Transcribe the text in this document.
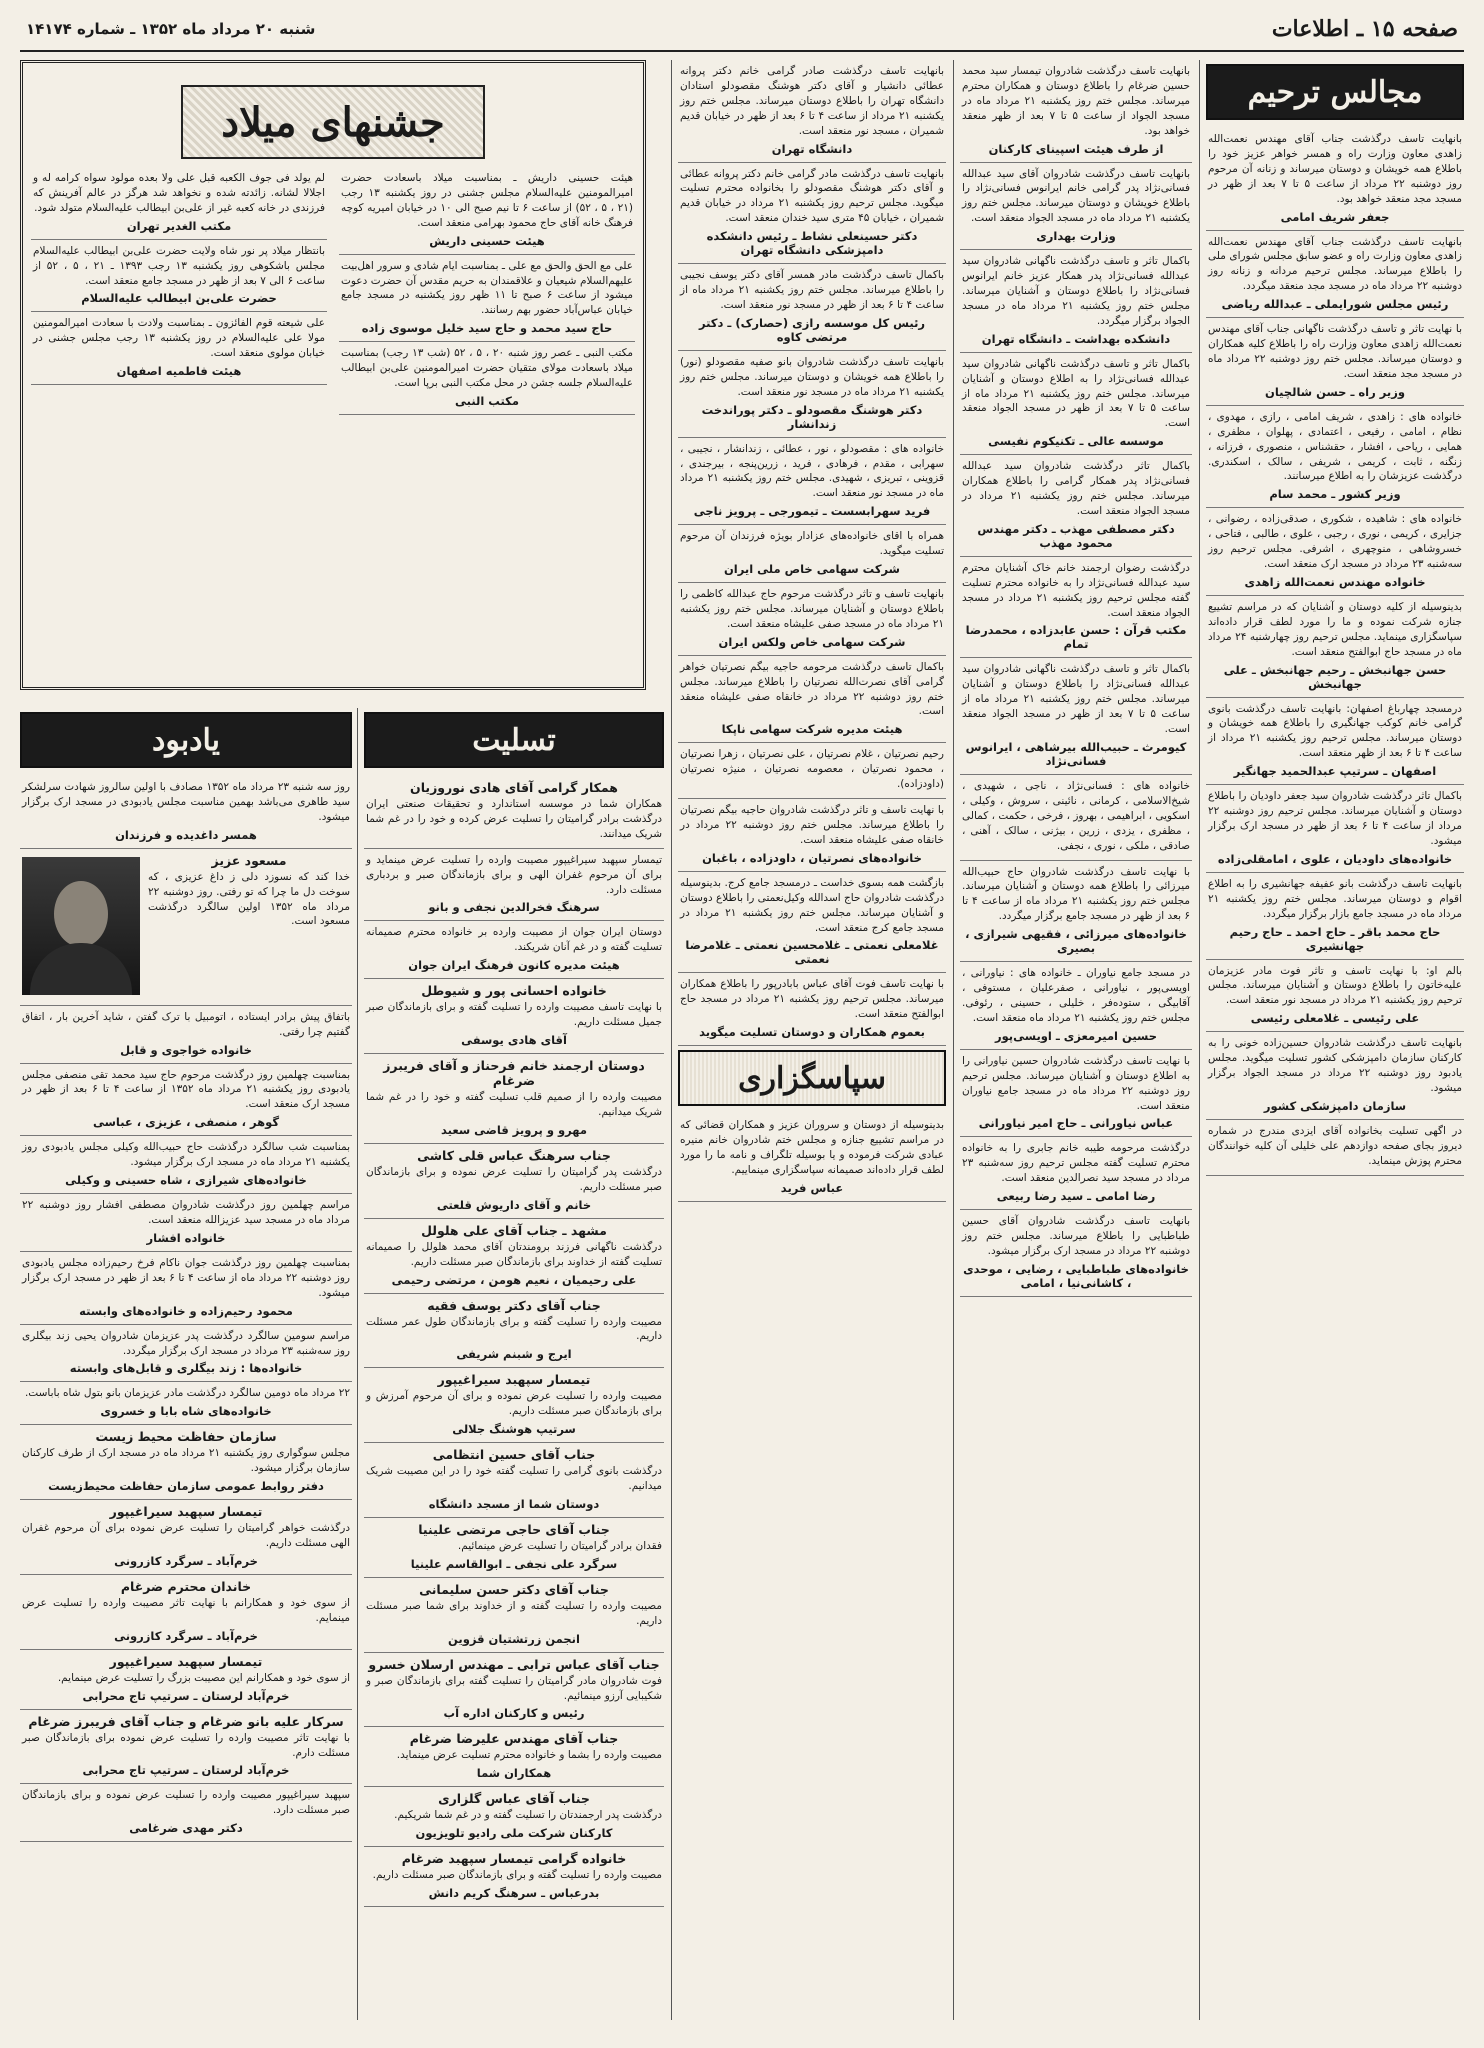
صفحه ۱۵ ـ اطلاعات
شنبه ۲۰ مرداد ماه ۱۳۵۲ ـ شماره ۱۴۱۷۴
مجالس ترحیم

بانهایت تاسف درگذشت جناب آقای مهندس نعمت‌الله زاهدی معاون وزارت راه و همسر خواهر عزیز خود را باطلاع همه خویشان و دوستان میرساند و زنانه آن مرحوم روز دوشنبه ۲۲ مرداد از ساعت ۵ تا ۷ بعد از ظهر در مسجد مجد منعقد خواهد بود.

جعفر شریف امامی

بانهایت تاسف درگذشت جناب آقای مهندس نعمت‌الله زاهدی معاون وزارت راه و عضو سابق مجلس شورای ملی را باطلاع میرساند. مجلس ترحیم مردانه و زنانه روز دوشنبه ۲۲ مرداد ماه در مسجد مجد منعقد میگردد.

رئیس مجلس شورایملی ـ عبدالله ریاضی

با نهایت تاثر و تاسف درگذشت ناگهانی جناب آقای مهندس نعمت‌الله زاهدی معاون وزارت راه را باطلاع کلیه همکاران و دوستان میرساند. مجلس ختم روز دوشنبه ۲۲ مرداد ماه در مسجد مجد منعقد است.

وزیر راه ـ حسن شالچیان

خانواده های : زاهدی ، شریف امامی ، رازی ، مهدوی ، نظام ، امامی ، رفیعی ، اعتمادی ، پهلوان ، مظفری ، همایی ، ریاحی ، افشار ، حقشناس ، منصوری ، فرزانه ، زنگنه ، ثابت ، کریمی ، شریفی ، سالک ، اسکندری. درگذشت عزیزشان را به اطلاع میرسانند.

وزیر کشور ـ محمد سام

خانواده های : شاهیده ، شکوری ، صدقی‌زاده ، رضوانی ، جزایری ، کریمی ، نوری ، رجبی ، علوی ، طالبی ، فتاحی ، خسروشاهی ، منوچهری ، اشرفی. مجلس ترحیم روز سه‌شنبه ۲۳ مرداد در مسجد ارک منعقد است.

خانواده مهندس نعمت‌الله زاهدی

بدینوسیله از کلیه دوستان و آشنایان که در مراسم تشییع جنازه شرکت نموده و ما را مورد لطف قرار داده‌اند سپاسگزاری مینماید. مجلس ترحیم روز چهارشنبه ۲۴ مرداد ماه در مسجد حاج ابوالفتح منعقد است.

حسن جهانبخش ـ رحیم جهانبخش ـ علی جهانبخش

درمسجد چهارباغ اصفهان: بانهایت تاسف درگذشت بانوی گرامی خانم کوکب جهانگیری را باطلاع همه خویشان و دوستان میرساند. مجلس ترحیم روز یکشنبه ۲۱ مرداد از ساعت ۴ تا ۶ بعد از ظهر منعقد است.

اصفهان ـ سرتیپ عبدالحمید جهانگیر

باکمال تاثر درگذشت شادروان سید جعفر داودیان را باطلاع دوستان و آشنایان میرساند. مجلس ترحیم روز دوشنبه ۲۲ مرداد از ساعت ۴ تا ۶ بعد از ظهر در مسجد ارک برگزار میشود.

خانواده‌های داودیان ، علوی ، امامقلی‌زاده

بانهایت تاسف درگذشت بانو عفیفه جهانشیری را به اطلاع اقوام و دوستان میرساند. مجلس ختم روز یکشنبه ۲۱ مرداد ماه در مسجد جامع بازار برگزار میگردد.

حاج محمد باقر ـ حاج احمد ـ حاج رحیم جهانشیری

بالم او: با نهایت تاسف و تاثر فوت مادر عزیزمان علیه‌خاتون را باطلاع دوستان و آشنایان میرساند. مجلس ترحیم روز یکشنبه ۲۱ مرداد در مسجد نور منعقد است.

علی رئیسی ـ غلامعلی رئیسی

بانهایت تاسف درگذشت شادروان حسین‌زاده خونی را به کارکنان سازمان دامپزشکی کشور تسلیت میگوید. مجلس یادبود روز دوشنبه ۲۲ مرداد در مسجد الجواد برگزار میشود.

سازمان دامپزشکی کشور

در اگهی تسلیت بخانواده آقای ایزدی مندرج در شماره دیروز بجای صفحه دوازدهم علی خلیلی آن کلیه خوانندگان محترم پوزش مینماید.

بانهایت تاسف درگذشت شادروان تیمسار سید محمد حسین ضرغام را باطلاع دوستان و همکاران محترم میرساند. مجلس ختم روز یکشنبه ۲۱ مرداد ماه در مسجد الجواد از ساعت ۵ تا ۷ بعد از ظهر منعقد خواهد بود.

از طرف هیئت اسپینای کارکنان

بانهایت تاسف درگذشت شادروان آقای سید عبدالله فسانی‌نژاد پدر گرامی خانم ایرانوس فسانی‌نژاد را باطلاع خویشان و دوستان میرساند. مجلس ختم روز یکشنبه ۲۱ مرداد ماه در مسجد الجواد منعقد است.

وزارت بهداری

باکمال تاثر و تاسف درگذشت ناگهانی شادروان سید عبدالله فسانی‌نژاد پدر همکار عزیز خانم ایرانوس فسانی‌نژاد را باطلاع دوستان و آشنایان میرساند. مجلس ختم روز یکشنبه ۲۱ مرداد ماه در مسجد الجواد برگزار میگردد.

دانشکده بهداشت ـ دانشگاه تهران

باکمال تاثر و تاسف درگذشت ناگهانی شادروان سید عبدالله فسانی‌نژاد را به اطلاع دوستان و آشنایان میرساند. مجلس ختم روز یکشنبه ۲۱ مرداد ماه از ساعت ۵ تا ۷ بعد از ظهر در مسجد الجواد منعقد است.

موسسه عالی ـ تکنیکوم نفیسی

باکمال تاثر درگذشت شادروان سید عبدالله فسانی‌نژاد پدر همکار گرامی را باطلاع همکاران میرساند. مجلس ختم روز یکشنبه ۲۱ مرداد در مسجد الجواد منعقد است.

دکتر مصطفی مهذب ـ دکتر مهندس محمود مهذب

درگذشت رضوان ارجمند خانم خاک آشنایان محترم سید عبدالله فسانی‌نژاد را به خانواده محترم تسلیت گفته مجلس ترحیم روز یکشنبه ۲۱ مرداد در مسجد الجواد منعقد است.

مکتب قرآن : حسن عابدزاده ، محمدرضا تمام

باکمال تاثر و تاسف درگذشت ناگهانی شادروان سید عبدالله فسانی‌نژاد را باطلاع دوستان و آشنایان میرساند. مجلس ختم روز یکشنبه ۲۱ مرداد ماه از ساعت ۵ تا ۷ بعد از ظهر در مسجد الجواد منعقد است.

کیومرث ـ حبیب‌الله بیرشاهی ، ایرانوس فسانی‌نژاد

خانواده های : فسانی‌نژاد ، ناجی ، شهیدی ، شیخ‌الاسلامی ، کرمانی ، نائینی ، سروش ، وکیلی ، اسکویی ، ابراهیمی ، بهروز ، فرخی ، حکمت ، کمالی ، مظفری ، یزدی ، زرین ، بیژنی ، سالک ، آهنی ، صادقی ، ملکی ، نوری ، نجفی.

با نهایت تاسف درگذشت شادروان حاج حبیب‌الله میرزائی را باطلاع همه دوستان و آشنایان میرساند. مجلس ختم روز یکشنبه ۲۱ مرداد ماه از ساعت ۴ تا ۶ بعد از ظهر در مسجد جامع برگزار میگردد.

خانواده‌های میرزائی ، فقیهی شیرازی ، بصیری

در مسجد جامع نیاوران ـ خانواده های : نیاورانی ، اویسی‌پور ، نیاورانی ، صفرعلیان ، مستوفی ، آقابیگی ، ستوده‌فر ، خلیلی ، حسینی ، رئوفی. مجلس ختم روز یکشنبه ۲۱ مرداد ماه منعقد است.

حسین امیرمعزی ـ اویسی‌پور

با نهایت تاسف درگذشت شادروان حسین نیاورانی را به اطلاع دوستان و آشنایان میرساند. مجلس ترحیم روز دوشنبه ۲۲ مرداد ماه در مسجد جامع نیاوران منعقد است.

عباس نیاورانی ـ حاج امیر نیاورانی

درگذشت مرحومه طیبه خانم جابری را به خانواده محترم تسلیت گفته مجلس ترحیم روز سه‌شنبه ۲۳ مرداد در مسجد سید نصرالدین منعقد است.

رضا امامی ـ سید رضا ربیعی

بانهایت تاسف درگذشت شادروان آقای حسین طباطبایی را باطلاع میرساند. مجلس ختم روز دوشنبه ۲۲ مرداد در مسجد ارک برگزار میشود.

خانواده‌های طباطبایی ، رضایی ، موحدی ، کاشانی‌نیا ، امامی

بانهایت تاسف درگذشت صادر گرامی خانم دکتر پروانه عطائی دانشیار و آقای دکتر هوشنگ مقصودلو استادان دانشگاه تهران را باطلاع دوستان میرساند. مجلس ختم روز یکشنبه ۲۱ مرداد از ساعت ۴ تا ۶ بعد از ظهر در خیابان قدیم شمیران ، مسجد نور منعقد است.

دانشگاه تهران

بانهایت تاسف درگذشت مادر گرامی خانم دکتر پروانه عطائی و آقای دکتر هوشنگ مقصودلو را بخانواده محترم تسلیت میگوید. مجلس ترحیم روز یکشنبه ۲۱ مرداد در خیابان قدیم شمیران ، خیابان ۴۵ متری سید خندان منعقد است.

دکتر حسینعلی نشاط ـ رئیس دانشکده دامپزشکی دانشگاه تهران

باکمال تاسف درگذشت مادر همسر آقای دکتر یوسف نجیبی را باطلاع میرساند. مجلس ختم روز یکشنبه ۲۱ مرداد ماه از ساعت ۴ تا ۶ بعد از ظهر در مسجد نور منعقد است.

رئیس کل موسسه رازی (حصارک) ـ دکتر مرتضی کاوه

بانهایت تاسف درگذشت شادروان بانو صفیه مقصودلو (نور) را باطلاع همه خویشان و دوستان میرساند. مجلس ختم روز یکشنبه ۲۱ مرداد ماه در مسجد نور منعقد است.

دکتر هوشنگ مقصودلو ـ دکتر پوراندخت زندانشار

خانواده های : مقصودلو ، نور ، عطائی ، زندانشار ، نجیبی ، سهرابی ، مقدم ، فرهادی ، فرید ، زرین‌پنجه ، بیرجندی ، قزوینی ، تبریزی ، شهیدی. مجلس ختم روز یکشنبه ۲۱ مرداد ماه در مسجد نور منعقد است.

فرید سهرابسست ـ تیمورجی ـ پرویز ناجی

همراه با اقای خانواده‌های عزادار بویژه فرزندان آن مرحوم تسلیت میگوید.

شرکت سهامی خاص ملی ایران

بانهایت تاسف و تاثر درگذشت مرحوم حاج عبدالله کاظمی را باطلاع دوستان و آشنایان میرساند. مجلس ختم روز یکشنبه ۲۱ مرداد ماه در مسجد صفی علیشاه منعقد است.

شرکت سهامی خاص ولکس ایران

باکمال تاسف درگذشت مرحومه حاجیه بیگم نصرتیان خواهر گرامی آقای نصرت‌الله نصرتیان را باطلاع میرساند. مجلس ختم روز دوشنبه ۲۲ مرداد در خانقاه صفی علیشاه منعقد است.

هیئت مدیره شرکت سهامی ناپکا

رحیم نصرتیان ، غلام نصرتیان ، علی نصرتیان ، زهرا نصرتیان ، محمود نصرتیان ، معصومه نصرتیان ، منیژه نصرتیان (داودزاده).

با نهایت تاسف و تاثر درگذشت شادروان حاجیه بیگم نصرتیان را باطلاع میرساند. مجلس ختم روز دوشنبه ۲۲ مرداد در خانقاه صفی علیشاه منعقد است.

خانواده‌های نصرتیان ، داودزاده ، باغبان

بازگشت همه بسوی خداست ـ درمسجد جامع کرج. بدینوسیله درگذشت شادروان حاج اسدالله وکیل‌نعمتی را باطلاع دوستان و آشنایان میرساند. مجلس ختم روز یکشنبه ۲۱ مرداد در مسجد جامع کرج منعقد است.

غلامعلی نعمتی ـ غلامحسین نعمتی ـ غلامرضا نعمتی

با نهایت تاسف فوت آقای عباس بابادرپور را باطلاع همکاران میرساند. مجلس ترحیم روز یکشنبه ۲۱ مرداد در مسجد حاج ابوالفتح منعقد است.

بعموم همکاران و دوستان تسلیت میگوید
سپاسگزاری

بدینوسیله از دوستان و سروران عزیز و همکاران قضائی که در مراسم تشییع جنازه و مجلس ختم شادروان خانم منیره عبادی شرکت فرموده و یا بوسیله تلگراف و نامه ما را مورد لطف قرار داده‌اند صمیمانه سپاسگزاری مینماییم.

عباس فرید
جشنهای میلاد

هیئت حسینی داریش ـ بمناسبت میلاد باسعادت حضرت امیرالمومنین علیه‌السلام مجلس جشنی در روز یکشنبه ۱۳ رجب (۲۱ ، ۵ ، ۵۲) از ساعت ۶ تا نیم صبح الی ۱۰ در خیابان امیریه کوچه فرهنگ خانه آقای حاج محمود بهرامی منعقد است.

هیئت حسینی داریش

علی مع الحق والحق مع علی ـ بمناسبت ایام شادی و سرور اهل‌بیت علیهم‌السلام شیعیان و علاقمندان به حریم مقدس آن حضرت دعوت میشود از ساعت ۶ صبح تا ۱۱ ظهر روز یکشنبه در مسجد جامع خیابان عباس‌آباد حضور بهم رسانند.

حاج سید محمد و حاج سید خلیل موسوی زاده

مکتب النبی ـ عصر روز شنبه ۲۰ ، ۵ ، ۵۲ (شب ۱۳ رجب) بمناسبت میلاد باسعادت مولای متقیان حضرت امیرالمومنین علی‌بن ابیطالب علیه‌السلام جلسه جشن در محل مکتب النبی برپا است.

مکتب النبی

لم یولد فی جوف الکعبه قبل علی ولا بعده مولود سواه کرامه له و اجلالا لشانه. زائدته شده و نخواهد شد هرگز در عالم آفرینش که فرزندی در خانه کعبه غیر از علی‌بن ابیطالب علیه‌السلام متولد شود.

مکتب الغدیر تهران

بانتظار میلاد پر نور شاه ولایت حضرت علی‌بن ابیطالب علیه‌السلام مجلس باشکوهی روز یکشنبه ۱۳ رجب ۱۳۹۳ ـ ۲۱ ، ۵ ، ۵۲ از ساعت ۶ الی ۷ بعد از ظهر در مسجد جامع منعقد است.

حضرت علی‌بن ابیطالب علیه‌السلام

علی شیعته قوم الفائزون ـ بمناسبت ولادت با سعادت امیرالمومنین مولا علی علیه‌السلام در روز یکشنبه ۱۳ رجب مجلس جشنی در خیابان مولوی منعقد است.

هیئت فاطمیه اصفهان
تسلیت
همکار گرامی آقای هادی نوروزیان

همکاران شما در موسسه استاندارد و تحقیقات صنعتی ایران درگذشت برادر گرامیتان را تسلیت عرض کرده و خود را در غم شما شریک میدانند.

تیمسار سپهبد سیراغیپور مصیبت وارده را تسلیت عرض مینماید و برای آن مرحوم غفران الهی و برای بازماندگان صبر و بردباری مسئلت دارد.

سرهنگ فخرالدین نجفی و بانو

دوستان ایران جوان از مصیبت وارده بر خانواده محترم صمیمانه تسلیت گفته و در غم آنان شریکند.

هیئت مدیره کانون فرهنگ ایران جوان
خانواده احسانی پور و شیوطل

با نهایت تاسف مصیبت وارده را تسلیت گفته و برای بازماندگان صبر جمیل مسئلت داریم.

آقای هادی یوسفی
دوستان ارجمند خانم فرحناز و آقای فریبرز ضرغام

مصیبت وارده را از صمیم قلب تسلیت گفته و خود را در غم شما شریک میدانیم.

مهرو و پرویز قاضی سعید
جناب سرهنگ عباس قلی کاشی

درگذشت پدر گرامیتان را تسلیت عرض نموده و برای بازماندگان صبر مسئلت داریم.

خانم و آقای داریوش قلعتی
مشهد ـ جناب آقای علی هلولل

درگذشت ناگهانی فرزند برومندتان آقای محمد هلولل را صمیمانه تسلیت گفته از خداوند برای بازماندگان صبر مسئلت داریم.

علی رحیمیان ، نعیم هومن ، مرتضی رحیمی
جناب آقای دکتر یوسف فقیه

مصیبت وارده را تسلیت گفته و برای بازماندگان طول عمر مسئلت داریم.

ایرج و شبنم شریفی
تیمسار سپهبد سیراغیپور

مصیبت وارده را تسلیت عرض نموده و برای آن مرحوم آمرزش و برای بازماندگان صبر مسئلت داریم.

سرتیپ هوشنگ جلالی
جناب آقای حسین انتظامی

درگذشت بانوی گرامی را تسلیت گفته خود را در این مصیبت شریک میدانیم.

دوستان شما از مسجد دانشگاه
جناب آقای حاجی مرتضی علینیا

فقدان برادر گرامیتان را تسلیت عرض مینمائیم.

سرگرد علی نجفی ـ ابوالقاسم علینیا
جناب آقای دکتر حسن سلیمانی

مصیبت وارده را تسلیت گفته و از خداوند برای شما صبر مسئلت داریم.

انجمن زرتشتیان قزوین
جناب آقای عباس ترابی ـ مهندس ارسلان خسرو

فوت شادروان مادر گرامیتان را تسلیت گفته برای بازماندگان صبر و شکیبایی آرزو مینمائیم.

رئیس و کارکنان اداره آب
جناب آقای مهندس علیرضا ضرغام

مصیبت وارده را بشما و خانواده محترم تسلیت عرض مینماید.

همکاران شما
جناب آقای عباس گلزاری

درگذشت پدر ارجمندتان را تسلیت گفته و در غم شما شریکیم.

کارکنان شرکت ملی رادیو تلویزیون
خانواده گرامی تیمسار سپهبد ضرغام

مصیبت وارده را تسلیت گفته و برای بازماندگان صبر مسئلت داریم.

بدرعباس ـ سرهنگ کریم دانش
یادبود

روز سه شنبه ۲۳ مرداد ماه ۱۳۵۲ مصادف با اولین سالروز شهادت سرلشکر سید طاهری می‌باشد بهمین مناسبت مجلس یادبودی در مسجد ارک برگزار میشود.

همسر داغدیده و فرزندان
مسعود عزیز

خدا کند که نسوزد دلی ز داغ عزیزی ، که سوخت دل ما چرا که تو رفتی. روز دوشنبه ۲۲ مرداد ماه ۱۳۵۲ اولین سالگرد درگذشت مسعود است.

باتفاق پیش برادر ایستاده ، اتومبیل با ترک گفتن ، شاید آخرین بار ، اتفاق گفتیم چرا رفتی.

خانواده خواجوی و قابل

بمناسبت چهلمین روز درگذشت مرحوم حاج سید محمد تقی منصفی مجلس یادبودی روز یکشنبه ۲۱ مرداد ماه ۱۳۵۲ از ساعت ۴ تا ۶ بعد از ظهر در مسجد ارک منعقد است.

گوهر ، منصفی ، عزیزی ، عباسی

بمناسبت شب سالگرد درگذشت حاج حبیب‌الله وکیلی مجلس یادبودی روز یکشنبه ۲۱ مرداد ماه در مسجد ارک برگزار میشود.

خانواده‌های شیرازی ، شاه حسینی و وکیلی

مراسم چهلمین روز درگذشت شادروان مصطفی افشار روز دوشنبه ۲۲ مرداد ماه در مسجد سید عزیزالله منعقد است.

خانواده افشار

بمناسبت چهلمین روز درگذشت جوان ناکام فرخ رحیم‌زاده مجلس یادبودی روز دوشنبه ۲۲ مرداد ماه از ساعت ۴ تا ۶ بعد از ظهر در مسجد ارک برگزار میشود.

محمود رحیم‌زاده و خانواده‌های وابسته

مراسم سومین سالگرد درگذشت پدر عزیزمان شادروان یحیی زند بیگلری روز سه‌شنبه ۲۳ مرداد در مسجد ارک برگزار میگردد.

خانواده‌ها : زند بیگلری و قابل‌های وابسته

۲۲ مرداد ماه دومین سالگرد درگذشت مادر عزیزمان بانو بتول شاه باباست.

خانواده‌های شاه بابا و خسروی
سازمان حفاظت محیط زیست

مجلس سوگواری روز یکشنبه ۲۱ مرداد ماه در مسجد ارک از طرف کارکنان سازمان برگزار میشود.

دفتر روابط عمومی سازمان حفاظت محیط‌زیست
تیمسار سپهبد سیراغیپور

درگذشت خواهر گرامیتان را تسلیت عرض نموده برای آن مرحوم غفران الهی مسئلت داریم.

خرم‌آباد ـ سرگرد کازرونی
خاندان محترم ضرغام

از سوی خود و همکارانم با نهایت تاثر مصیبت وارده را تسلیت عرض مینمایم.

خرم‌آباد ـ سرگرد کازرونی
تیمسار سپهبد سیراغیپور

از سوی خود و همکارانم این مصیبت بزرگ را تسلیت عرض مینمایم.

خرم‌آباد لرستان ـ سرتیپ تاج محرابی
سرکار علیه بانو ضرغام و جناب آقای فریبرز ضرغام

با نهایت تاثر مصیبت وارده را تسلیت عرض نموده برای بازماندگان صبر مسئلت دارم.

خرم‌آباد لرستان ـ سرتیپ تاج محرابی

سپهبد سیراغیپور مصیبت وارده را تسلیت عرض نموده و برای بازماندگان صبر مسئلت دارد.

دکتر مهدی ضرغامی
